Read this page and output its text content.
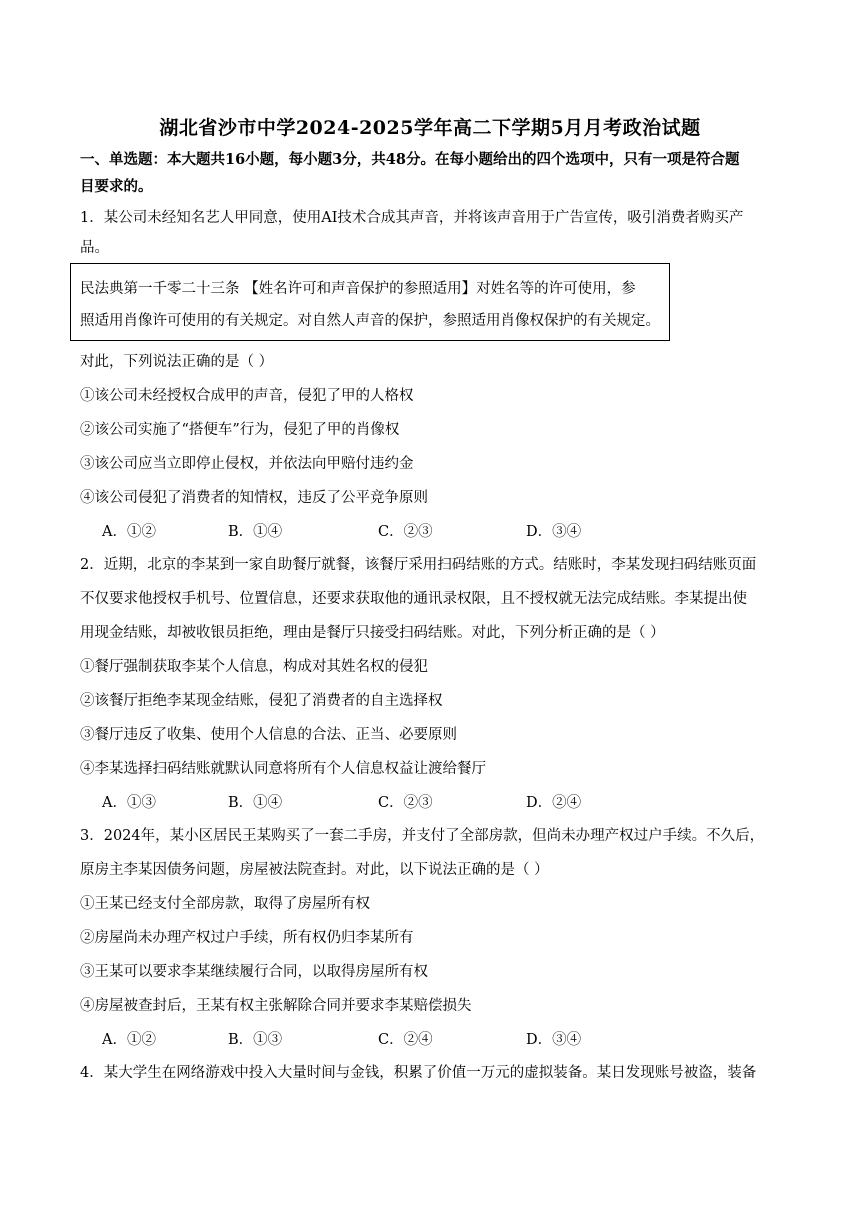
湖北省沙市中学2024-2025学年高二下学期5月月考政治试题
一、单选题：本大题共16小题，每小题3分，共48分。在每小题给出的四个选项中，只有一项是符合题
目要求的。
1．某公司未经知名艺人甲同意，使用AI技术合成其声音，并将该声音用于广告宣传，吸引消费者购买产
品。
民法典第一千零二十三条 【姓名许可和声音保护的参照适用】对姓名等的许可使用，参
照适用肖像许可使用的有关规定。对自然人声音的保护，参照适用肖像权保护的有关规定。
对此，下列说法正确的是（ ）
①该公司未经授权合成甲的声音，侵犯了甲的人格权
②该公司实施了“搭便车”行为，侵犯了甲的肖像权
③该公司应当立即停止侵权，并依法向甲赔付违约金
④该公司侵犯了消费者的知情权，违反了公平竞争原则
A．①②	B．①④	C．②③	D．③④
2．近期，北京的李某到一家自助餐厅就餐，该餐厅采用扫码结账的方式。结账时，李某发现扫码结账页面
不仅要求他授权手机号、位置信息，还要求获取他的通讯录权限，且不授权就无法完成结账。李某提出使
用现金结账，却被收银员拒绝，理由是餐厅只接受扫码结账。对此，下列分析正确的是（ ）
①餐厅强制获取李某个人信息，构成对其姓名权的侵犯
②该餐厅拒绝李某现金结账，侵犯了消费者的自主选择权
③餐厅违反了收集、使用个人信息的合法、正当、必要原则
④李某选择扫码结账就默认同意将所有个人信息权益让渡给餐厅
A．①③	B．①④	C．②③	D．②④
3．2024年，某小区居民王某购买了一套二手房，并支付了全部房款，但尚未办理产权过户手续。不久后，
原房主李某因债务问题，房屋被法院查封。对此，以下说法正确的是（ ）
①王某已经支付全部房款，取得了房屋所有权
②房屋尚未办理产权过户手续，所有权仍归李某所有
③王某可以要求李某继续履行合同，以取得房屋所有权
④房屋被查封后，王某有权主张解除合同并要求李某赔偿损失
A．①②	B．①③	C．②④	D．③④
4．某大学生在网络游戏中投入大量时间与金钱，积累了价值一万元的虚拟装备。某日发现账号被盗，装备
